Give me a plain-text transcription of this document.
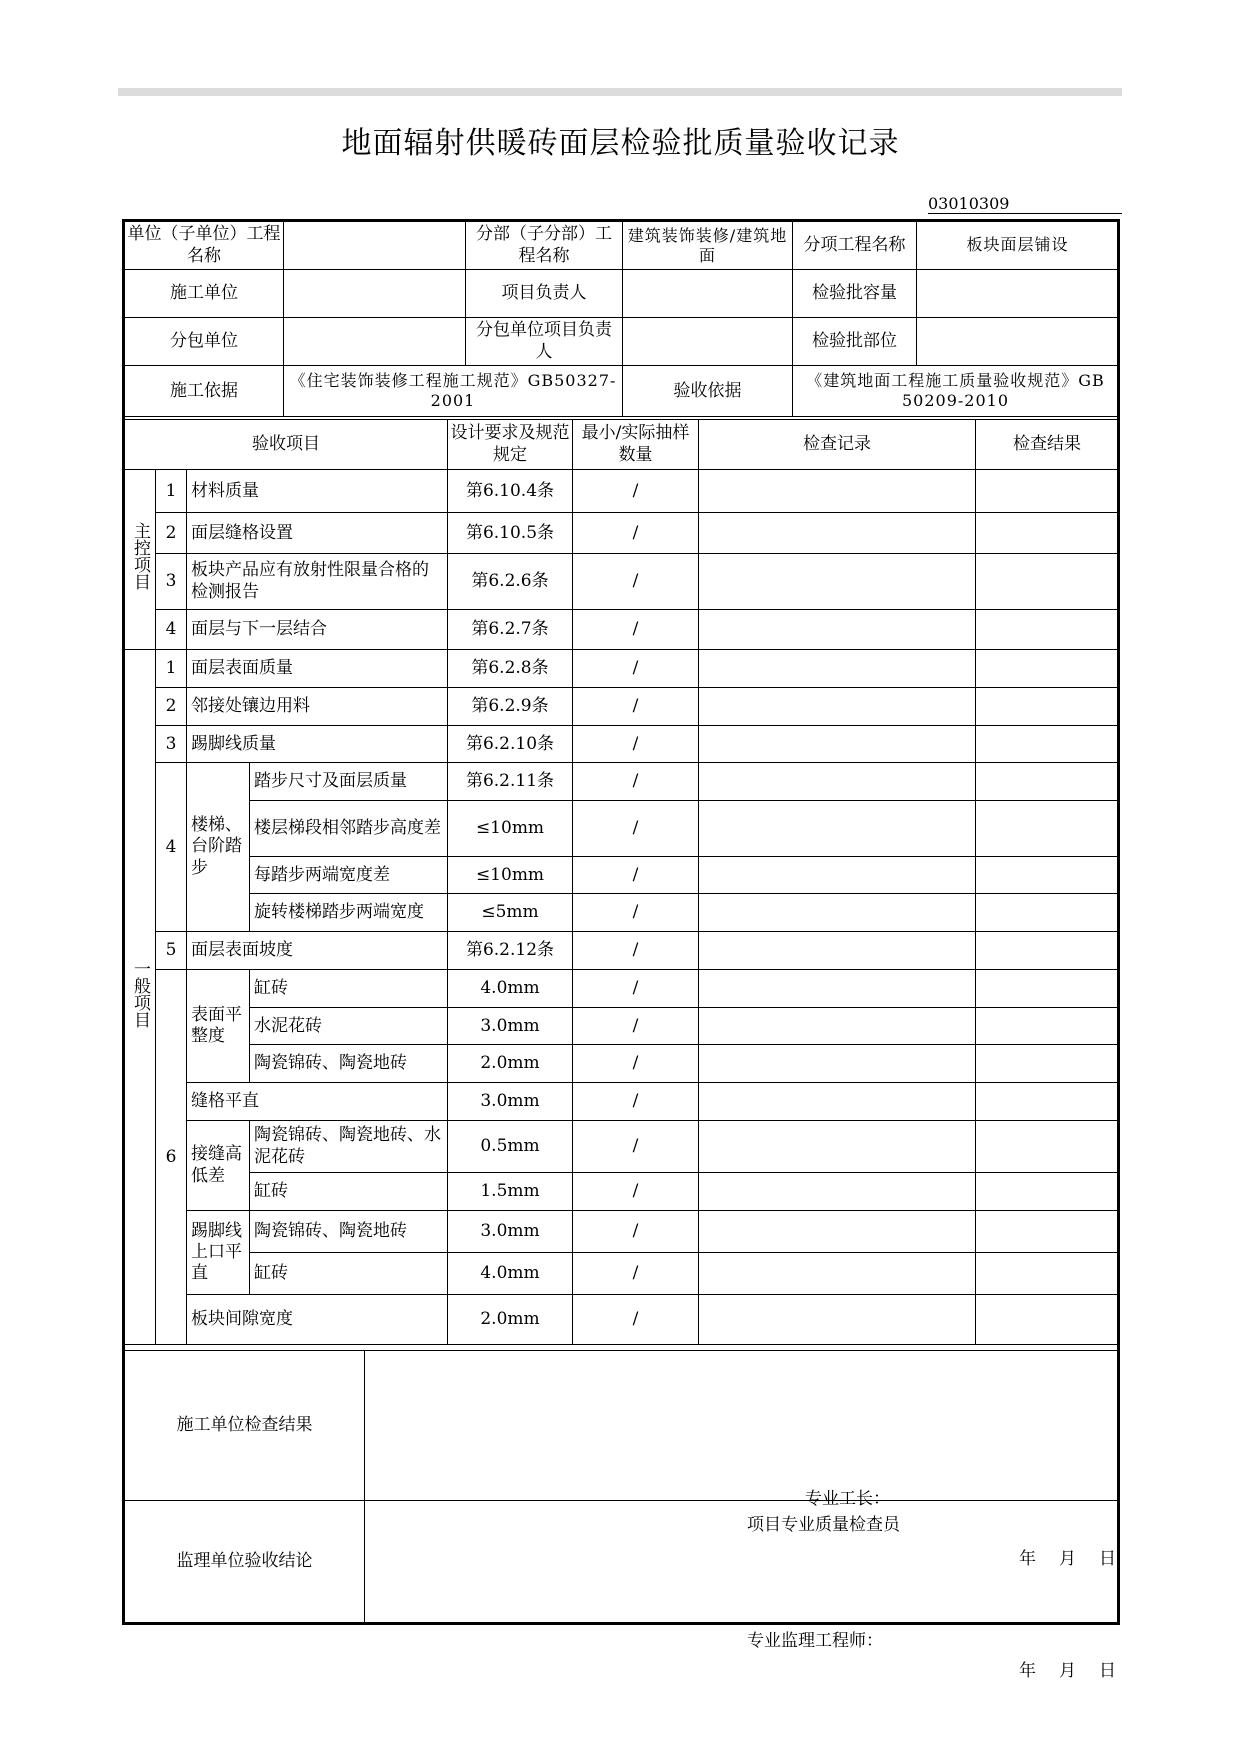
地面辐射供暖砖面层检验批质量验收记录
03010309
单位（子单位）工程名称		分部（子分部）工程名称	建筑装饰装修/建筑地面	分项工程名称	板块面层铺设
施工单位		项目负责人		检验批容量	
分包单位		分包单位项目负责人		检验批部位	
施工依据	《住宅装饰装修工程施工规范》GB50327-2001		验收依据	《建筑地面工程施工质量验收规范》GB 50209-2010	
验收项目				设计要求及规范规定	最小/实际抽样数量	检查记录	检查结果
主控项目	1	材料质量		第6.10.4条	/		
	2	面层缝格设置		第6.10.5条	/		
	3	板块产品应有放射性限量合格的检测报告		第6.2.6条	/		
	4	面层与下一层结合		第6.2.7条	/		
一般项目	1	面层表面质量		第6.2.8条	/		
	2	邻接处镶边用料		第6.2.9条	/		
	3	踢脚线质量		第6.2.10条	/		
	4	楼梯、台阶踏步	踏步尺寸及面层质量	第6.2.11条	/		
			楼层梯段相邻踏步高度差	≤10mm	/		
			每踏步两端宽度差	≤10mm	/		
			旋转楼梯踏步两端宽度	≤5mm	/		
	5	面层表面坡度		第6.2.12条	/		
	6	表面平整度	缸砖	4.0mm	/		
			水泥花砖	3.0mm	/		
			陶瓷锦砖、陶瓷地砖	2.0mm	/		
		缝格平直		3.0mm	/		
		接缝高低差	陶瓷锦砖、陶瓷地砖、水泥花砖	0.5mm	/		
			缸砖	1.5mm	/		
		踢脚线上口平直	陶瓷锦砖、陶瓷地砖	3.0mm	/		
			缸砖	4.0mm	/		
		板块间隙宽度		2.0mm	/		
施工单位检查结果	专业工长：
项目专业质量检查员
年 月 日

监理单位验收结论	专业监理工程师：
年 月 日
